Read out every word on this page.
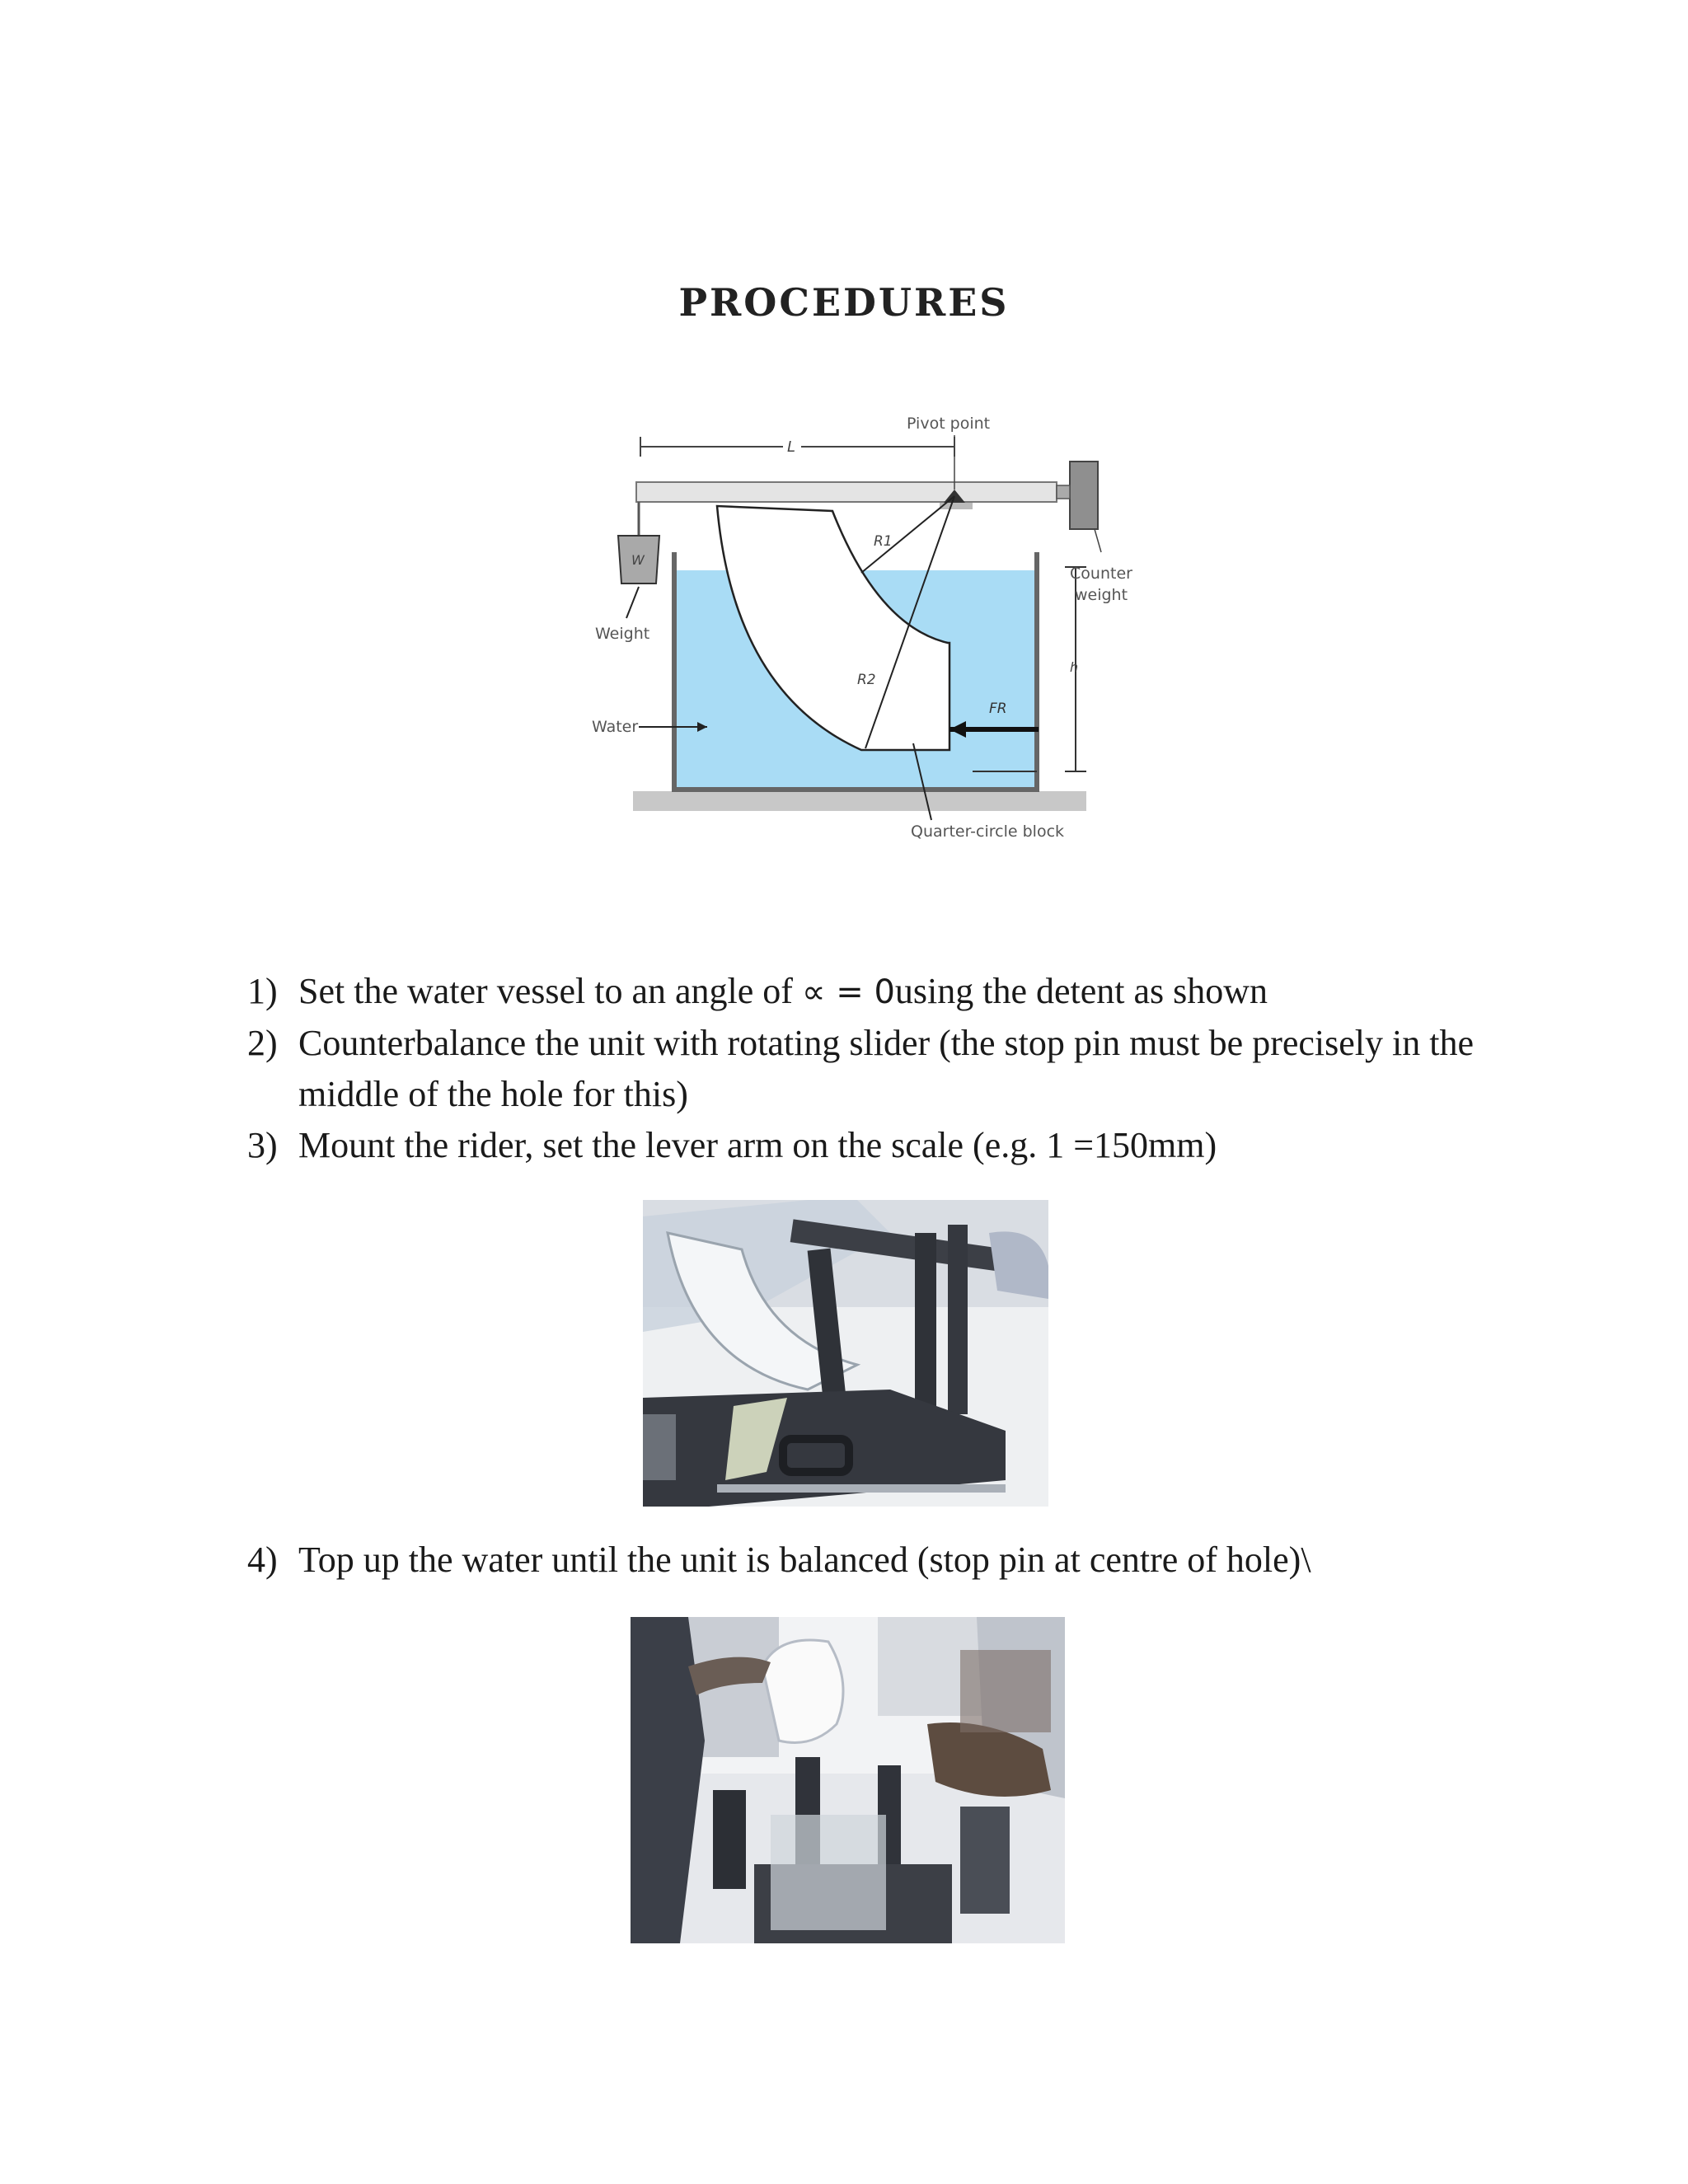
PROCEDURES
W
L
Pivot point
R1
R2
FR
h
Counter
weight
Weight
Water
Quarter-circle block
1) Set the water vessel to an angle of ∝ = 0using the detent as shown
2) Counterbalance the unit with rotating slider (the stop pin must be precisely in the middle of the hole for this)
3) Mount the rider, set the lever arm on the scale (e.g. 1 =150mm)
4) Top up the water until the unit is balanced (stop pin at centre of hole)\
